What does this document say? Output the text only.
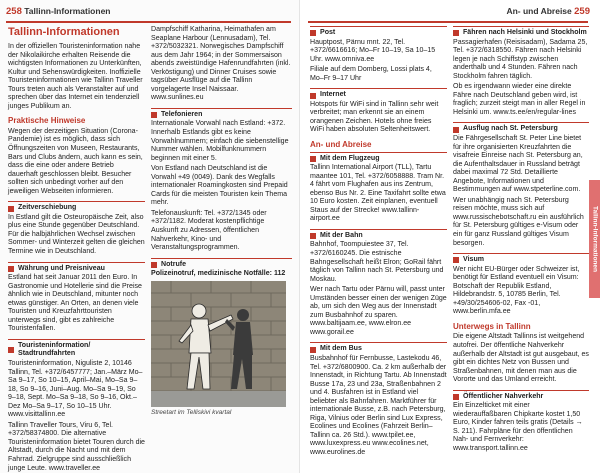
258 Tallinn-Informationen
Tallinn-Informationen

In der offiziellen Touristeninformation nahe der Nikolaikirche erhalten Reisende die wichtigsten Informationen zu Unterkünften, Kultur und Sehenswürdigkeiten. Inoffizielle Touristeninformationen wie Tallinn Traveller Tours treten auch als Veranstalter auf und sprechen über das Internet ein tendenziell junges Publikum an.

Praktische Hinweise

Wegen der derzeitigen Situation (Corona-Pandemie) ist es möglich, dass sich Öffnungszeiten von Museen, Restaurants, Bars und Clubs ändern, auch kann es sein, dass die eine oder andere Betrieb dauerhaft geschlossen bleibt. Besucher sollten sich unbedingt vorher auf den jeweiligen Webseiten informieren.

Zeitverschiebung

In Estland gilt die Osteuropäische Zeit, also plus eine Stunde gegenüber Deutschland. Für die halbjährlichen Wechsel zwischen Sommer- und Winterzeit gelten die gleichen Termine wie in Deutschland.

Währung und Preisniveau

Estland hat seit Januar 2011 den Euro. In Gastronomie und Hotellerie sind die Preise ähnlich wie in Deutschland, mitunter noch etwas günstiger. An Orten, an denen viele Touristen und Kreuzfahrttouristen unterwegs sind, gibt es zahlreiche Touristenfallen.

Touristeninformation/ Stadtrundfahrten

Touristeninformation, Niguliste 2, 10146 Tallinn, Tel. +372/6457777; Jan.–März Mo–Sa 9–17, So 10–15, April–Mai, Mo–Sa 9–18, So 9–16, Juni–Aug. Mo–Sa 9–19, So 9–18, Sept. Mo–Sa 9–18, So 9–16, Okt.–Dez Mo–Sa 9–17, So 10–15 Uhr. www.visittallinn.ee

Tallinn Traveller Tours, Viru 6, Tel. +372/58374800. Die alternative Touristeninformation bietet Touren durch die Altstadt, durch die Nacht und mit dem Fahrrad. Zielgruppe sind ausschließlich junge Leute. www.traveller.ee

Dampfschiff Katharina, Heimathafen am Seaplane Harbour (Lennusadam), Tel. +372/5032321. Norwegisches Dampfschiff aus dem Jahr 1964; in der Sommersaison abends zweistündige Hafenrundfahrten (inkl. Verköstigung) und Dinner Cruises sowie tagsüber Ausflüge auf die Tallinn vorgelagerte Insel Naissaar. www.sunlines.eu

Telefonieren

Internationale Vorwahl nach Estland: +372. Innerhalb Estlands gibt es keine Vorwahlnummern; einfach die siebenstellige Nummer wählen. Mobilfunknummern beginnen mit einer 5.

Von Estland nach Deutschland ist die Vorwahl +49 (0049). Dank des Wegfalls internationaler Roamingkosten sind Prepaid Cards für die meisten Touristen kein Thema mehr.

Telefonauskunft: Tel. +372/1345 oder +372/1182. Moderat kostenpflichtige Auskunft zu Adressen, öffentlichen Nahverkehr, Kino- und Veranstaltungsprogrammen.

Notrufe

Polizeinotruf, medizinische Notfälle: 112

Streetart im Telliskivi kvartal
An- und Abreise 259
Post

Hauptpost, Pärnu mnt. 22, Tel. +372/6616616; Mo–Fr 10–19, Sa 10–15 Uhr. www.omniva.ee

Filiale auf dem Domberg, Lossi plats 4, Mo–Fr 9–17 Uhr

Internet

Hotspots für WiFi sind in Tallinn sehr weit verbreitet; man erkennt sie an einem orangenen Zeichen. Hotels ohne freies WiFi haben absoluten Seltenheitswert.

An- und Abreise
Mit dem Flugzeug

Tallinn International Airport (TLL), Tartu maantee 101, Tel. +372/6058888. Tram Nr. 4 fährt vom Flughafen aus ins Zentrum, ebenso Bus Nr. 2. Eine Taxifahrt sollte etwa 10 Euro kosten. Zeit einplanen, eventuell Staus auf der Strecke! www.tallinn-airport.ee

Mit der Bahn

Bahnhof, Toompuiestee 37, Tel. +372/6160245. Die estnische Bahngesellschaft heißt Elron; GoRail fährt täglich von Tallinn nach St. Petersburg und Moskau.

Wer nach Tartu oder Pärnu will, passt unter Umständen besser einen der wenigen Züge ab, um sich den Weg aus der Innenstadt zum Busbahnhof zu sparen. www.baltijaam.ee, www.elron.ee www.gorail.ee

Mit dem Bus

Busbahnhof für Fernbusse, Lastekodu 46, Tel. +372/6800900. Ca. 2 km außerhalb der Innenstadt, in Richtung Tartu. Ab Innenstadt Busse 17a, 23 und 23a, Straßenbahnen 2 und 4. Busfahren ist in Estland viel beliebter als Bahnfahren. Marktführer für internationale Busse, z.B. nach Petersburg, Riga, Vilnius oder Berlin sind Lux Express, Ecolines und Ecolines (Fahrzeit Berlin–Tallinn ca. 26 Std.). www.tpilet.ee, www.luxexpress.eu www.ecolines.net, www.eurolines.de

Fähren nach Helsinki und Stockholm

Passagierhafen (Reisisadam), Sadama 25, Tel. +372/6318550. Fähren nach Helsinki legen je nach Schiffstyp zwischen anderthalb und 4 Stunden. Fähren nach Stockholm fahren täglich.

Ob es irgendwann wieder eine direkte Fähre nach Deutschland geben wird, ist fraglich; zurzeit steigt man in aller Regel in Helsinki um. www.ts.ee/en/regular-lines

Ausflug nach St. Petersburg

Die Fährgesellschaft St. Peter Line bietet für ihre organisierten Kreuzfahrten die visafreie Einreise nach St. Petersburg an, die Aufenthaltsdauer in Russland beträgt dabei maximal 72 Std. Detaillierte Angebote, Informationen und Bestimmungen auf www.stpeterline.com.

Wer unabhängig nach St. Petersburg reisen möchte, muss sich auf www.russischebotschaft.ru ein ausführlich für St. Petersburg gültiges e-Visum oder ein für ganz Russland gültiges Visum besorgen.

Visum

Wer nicht EU-Bürger oder Schweizer ist, benötigt für Estland eventuell ein Visum: Botschaft der Republik Estland, Hildebrandstr. 5, 10785 Berlin, Tel. +49/30/254606-02, Fax -01, www.berlin.mfa.ee

Unterwegs in Tallinn

Die eigene Altstadt Tallinns ist weitgehend autofrei. Der öffentliche Nahverkehr außerhalb der Altstadt ist gut ausgebaut, es gibt ein dichtes Netz von Bussen und Straßenbahnen, mit denen man aus die Vororte und das Umland erreicht.

Öffentlicher Nahverkehr

Ein Einzelticket mit einer wiederauffaßbaren Chipkarte kostet 1,50 Euro, Kinder fahren teils gratis (Details → S. 211). Fahrpläne für den öffentlichen Nah- und Fernverkehr: www.transport.tallinn.ee

Tallinn-Informationen
